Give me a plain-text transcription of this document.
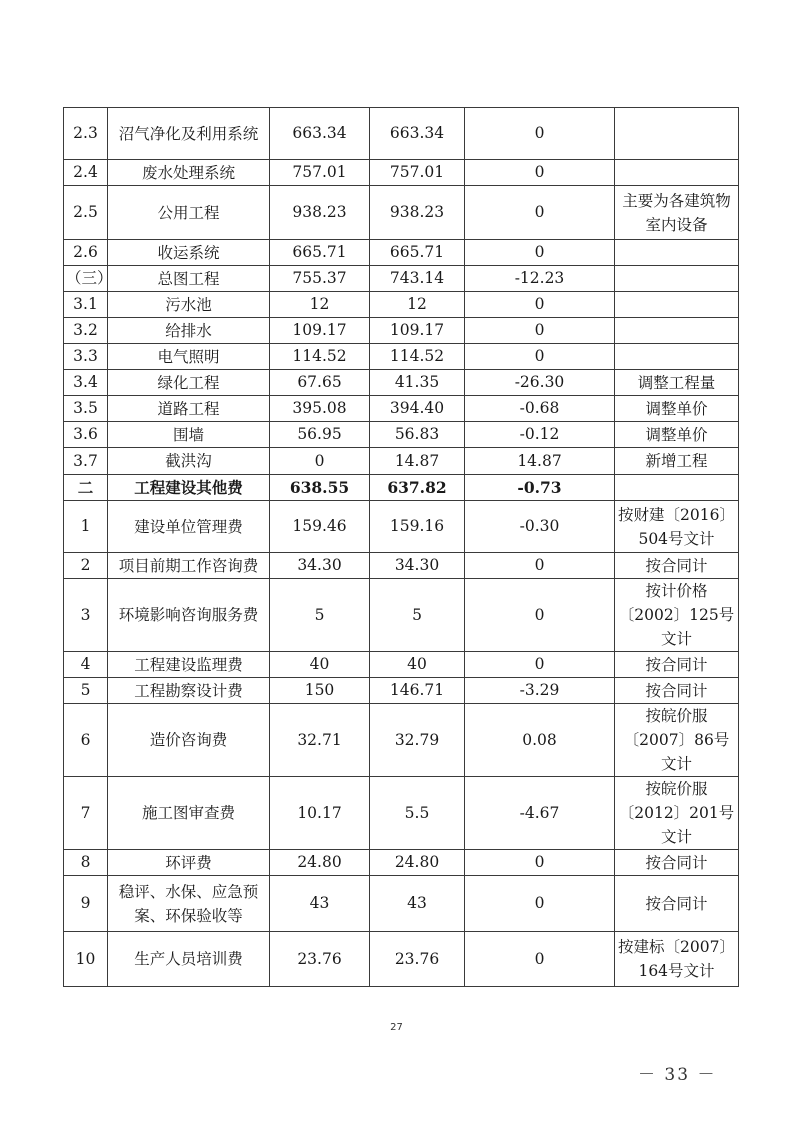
2.3	沼气净化及利用系统	663.34	663.34	0	
2.4	废水处理系统	757.01	757.01	0	
2.5	公用工程	938.23	938.23	0	主要为各建筑物室内设备
2.6	收运系统	665.71	665.71	0	
（三）	总图工程	755.37	743.14	-12.23	
3.1	污水池	12	12	0	
3.2	给排水	109.17	109.17	0	
3.3	电气照明	114.52	114.52	0	
3.4	绿化工程	67.65	41.35	-26.30	调整工程量
3.5	道路工程	395.08	394.40	-0.68	调整单价
3.6	围墙	56.95	56.83	-0.12	调整单价
3.7	截洪沟	0	14.87	14.87	新增工程
二	工程建设其他费	638.55	637.82	-0.73	
1	建设单位管理费	159.46	159.16	-0.30	按财建〔2016〕504号文计
2	项目前期工作咨询费	34.30	34.30	0	按合同计
3	环境影响咨询服务费	5	5	0	按计价格〔2002〕125号文计
4	工程建设监理费	40	40	0	按合同计
5	工程勘察设计费	150	146.71	-3.29	按合同计
6	造价咨询费	32.71	32.79	0.08	按皖价服〔2007〕86号文计
7	施工图审查费	10.17	5.5	-4.67	按皖价服〔2012〕201号文计
8	环评费	24.80	24.80	0	按合同计
9	稳评、水保、应急预案、环保验收等	43	43	0	按合同计
10	生产人员培训费	23.76	23.76	0	按建标〔2007〕164号文计
27
－ 33 －
